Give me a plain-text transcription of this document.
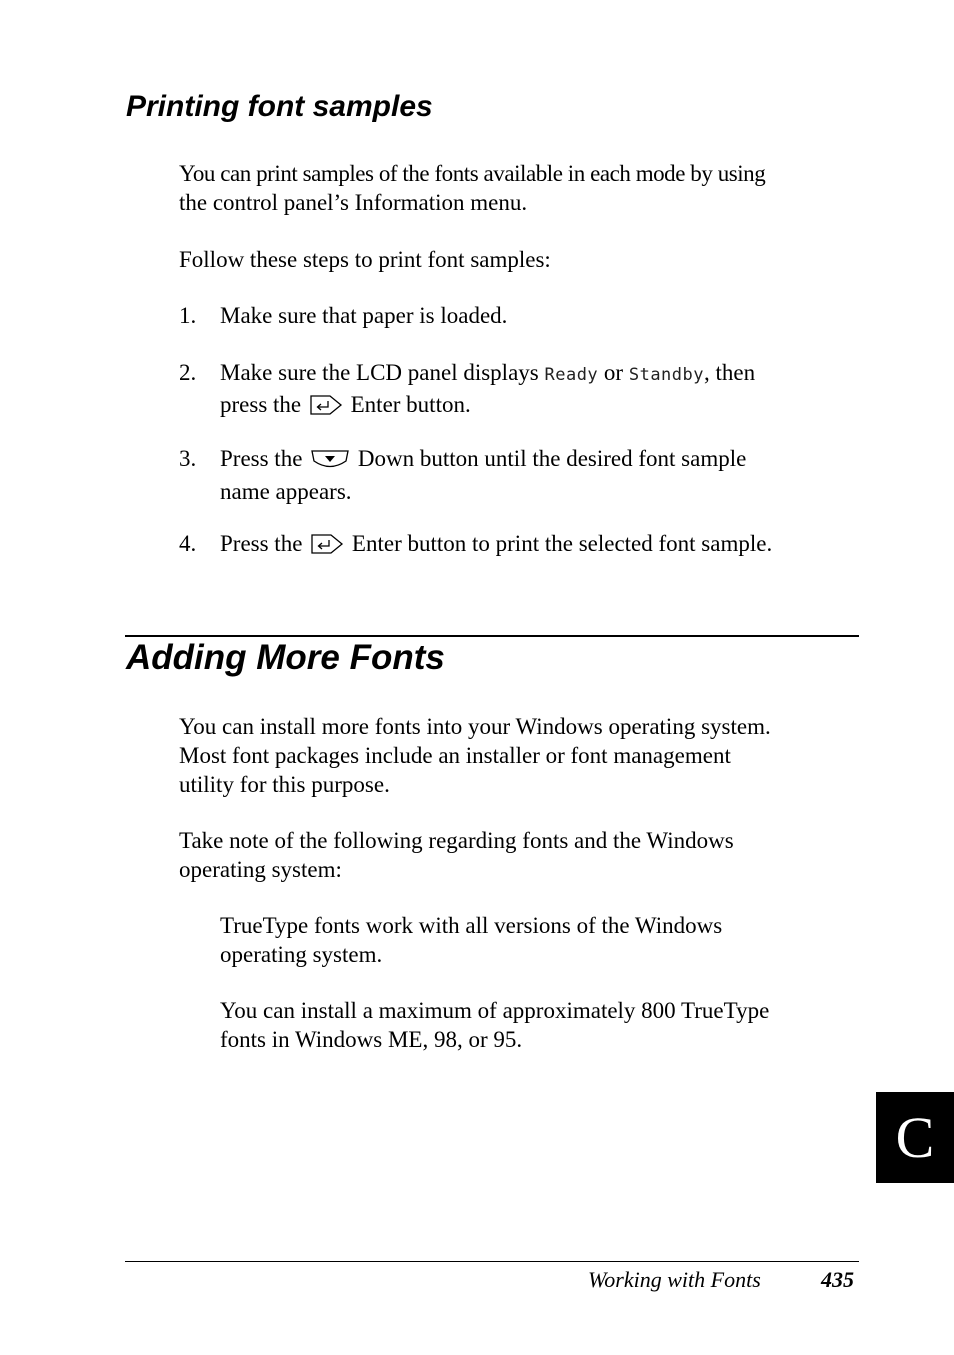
Printing font samples

You can print samples of the fonts available in each mode by using
the control panel’s Information menu.

Follow these steps to print font samples:

1. Make sure that paper is loaded.
2. Make sure the LCD panel displays Ready or Standby, then
press the Enter button.
3. Press the Down button until the desired font sample
name appears.
4. Press the Enter button to print the selected font sample.
Adding More Fonts

You can install more fonts into your Windows operating system.
Most font packages include an installer or font management
utility for this purpose.

Take note of the following regarding fonts and the Windows
operating system:

TrueType fonts work with all versions of the Windows
operating system.

You can install a maximum of approximately 800 TrueType
fonts in Windows ME, 98, or 95.

C
Working with Fonts	435
